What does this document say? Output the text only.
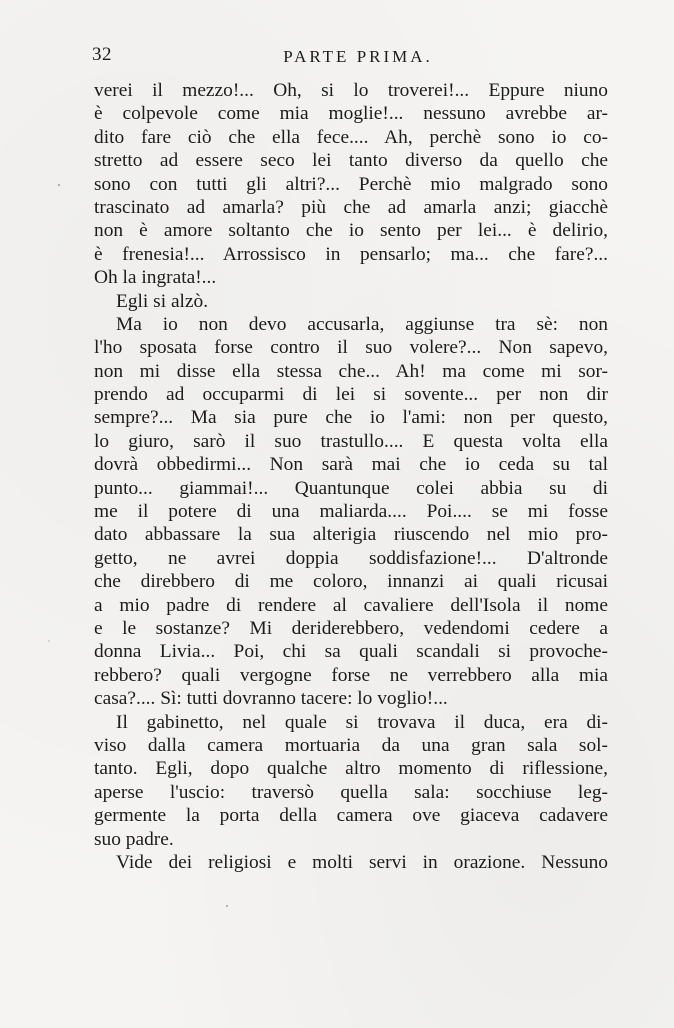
32	PARTE PRIMA.
verei il mezzo!... Oh, si lo troverei!... Eppure niuno
è colpevole come mia moglie!... nessuno avrebbe ar-
dito fare ciò che ella fece.... Ah, perchè sono io co-
stretto ad essere seco lei tanto diverso da quello che
sono con tutti gli altri?... Perchè mio malgrado sono
trascinato ad amarla? più che ad amarla anzi; giacchè
non è amore soltanto che io sento per lei... è delirio,
è frenesia!... Arrossisco in pensarlo; ma... che fare?...
Oh la ingrata!...
Egli si alzò.
Ma io non devo accusarla, aggiunse tra sè: non
l'ho sposata forse contro il suo volere?... Non sapevo,
non mi disse ella stessa che... Ah! ma come mi sor-
prendo ad occuparmi di lei si sovente... per non dir
sempre?... Ma sia pure che io l'ami: non per questo,
lo giuro, sarò il suo trastullo.... E questa volta ella
dovrà obbedirmi... Non sarà mai che io ceda su tal
punto... giammai!... Quantunque colei abbia su di
me il potere di una maliarda.... Poi.... se mi fosse
dato abbassare la sua alterigia riuscendo nel mio pro-
getto, ne avrei doppia soddisfazione!... D'altronde
che direbbero di me coloro, innanzi ai quali ricusai
a mio padre di rendere al cavaliere dell'Isola il nome
e le sostanze? Mi deriderebbero, vedendomi cedere a
donna Livia... Poi, chi sa quali scandali si provoche-
rebbero? quali vergogne forse ne verrebbero alla mia
casa?.... Sì: tutti dovranno tacere: lo voglio!...
Il gabinetto, nel quale si trovava il duca, era di-
viso dalla camera mortuaria da una gran sala sol-
tanto. Egli, dopo qualche altro momento di riflessione,
aperse l'uscio: traversò quella sala: socchiuse leg-
germente la porta della camera ove giaceva cadavere
suo padre.
Vide dei religiosi e molti servi in orazione. Nessuno
